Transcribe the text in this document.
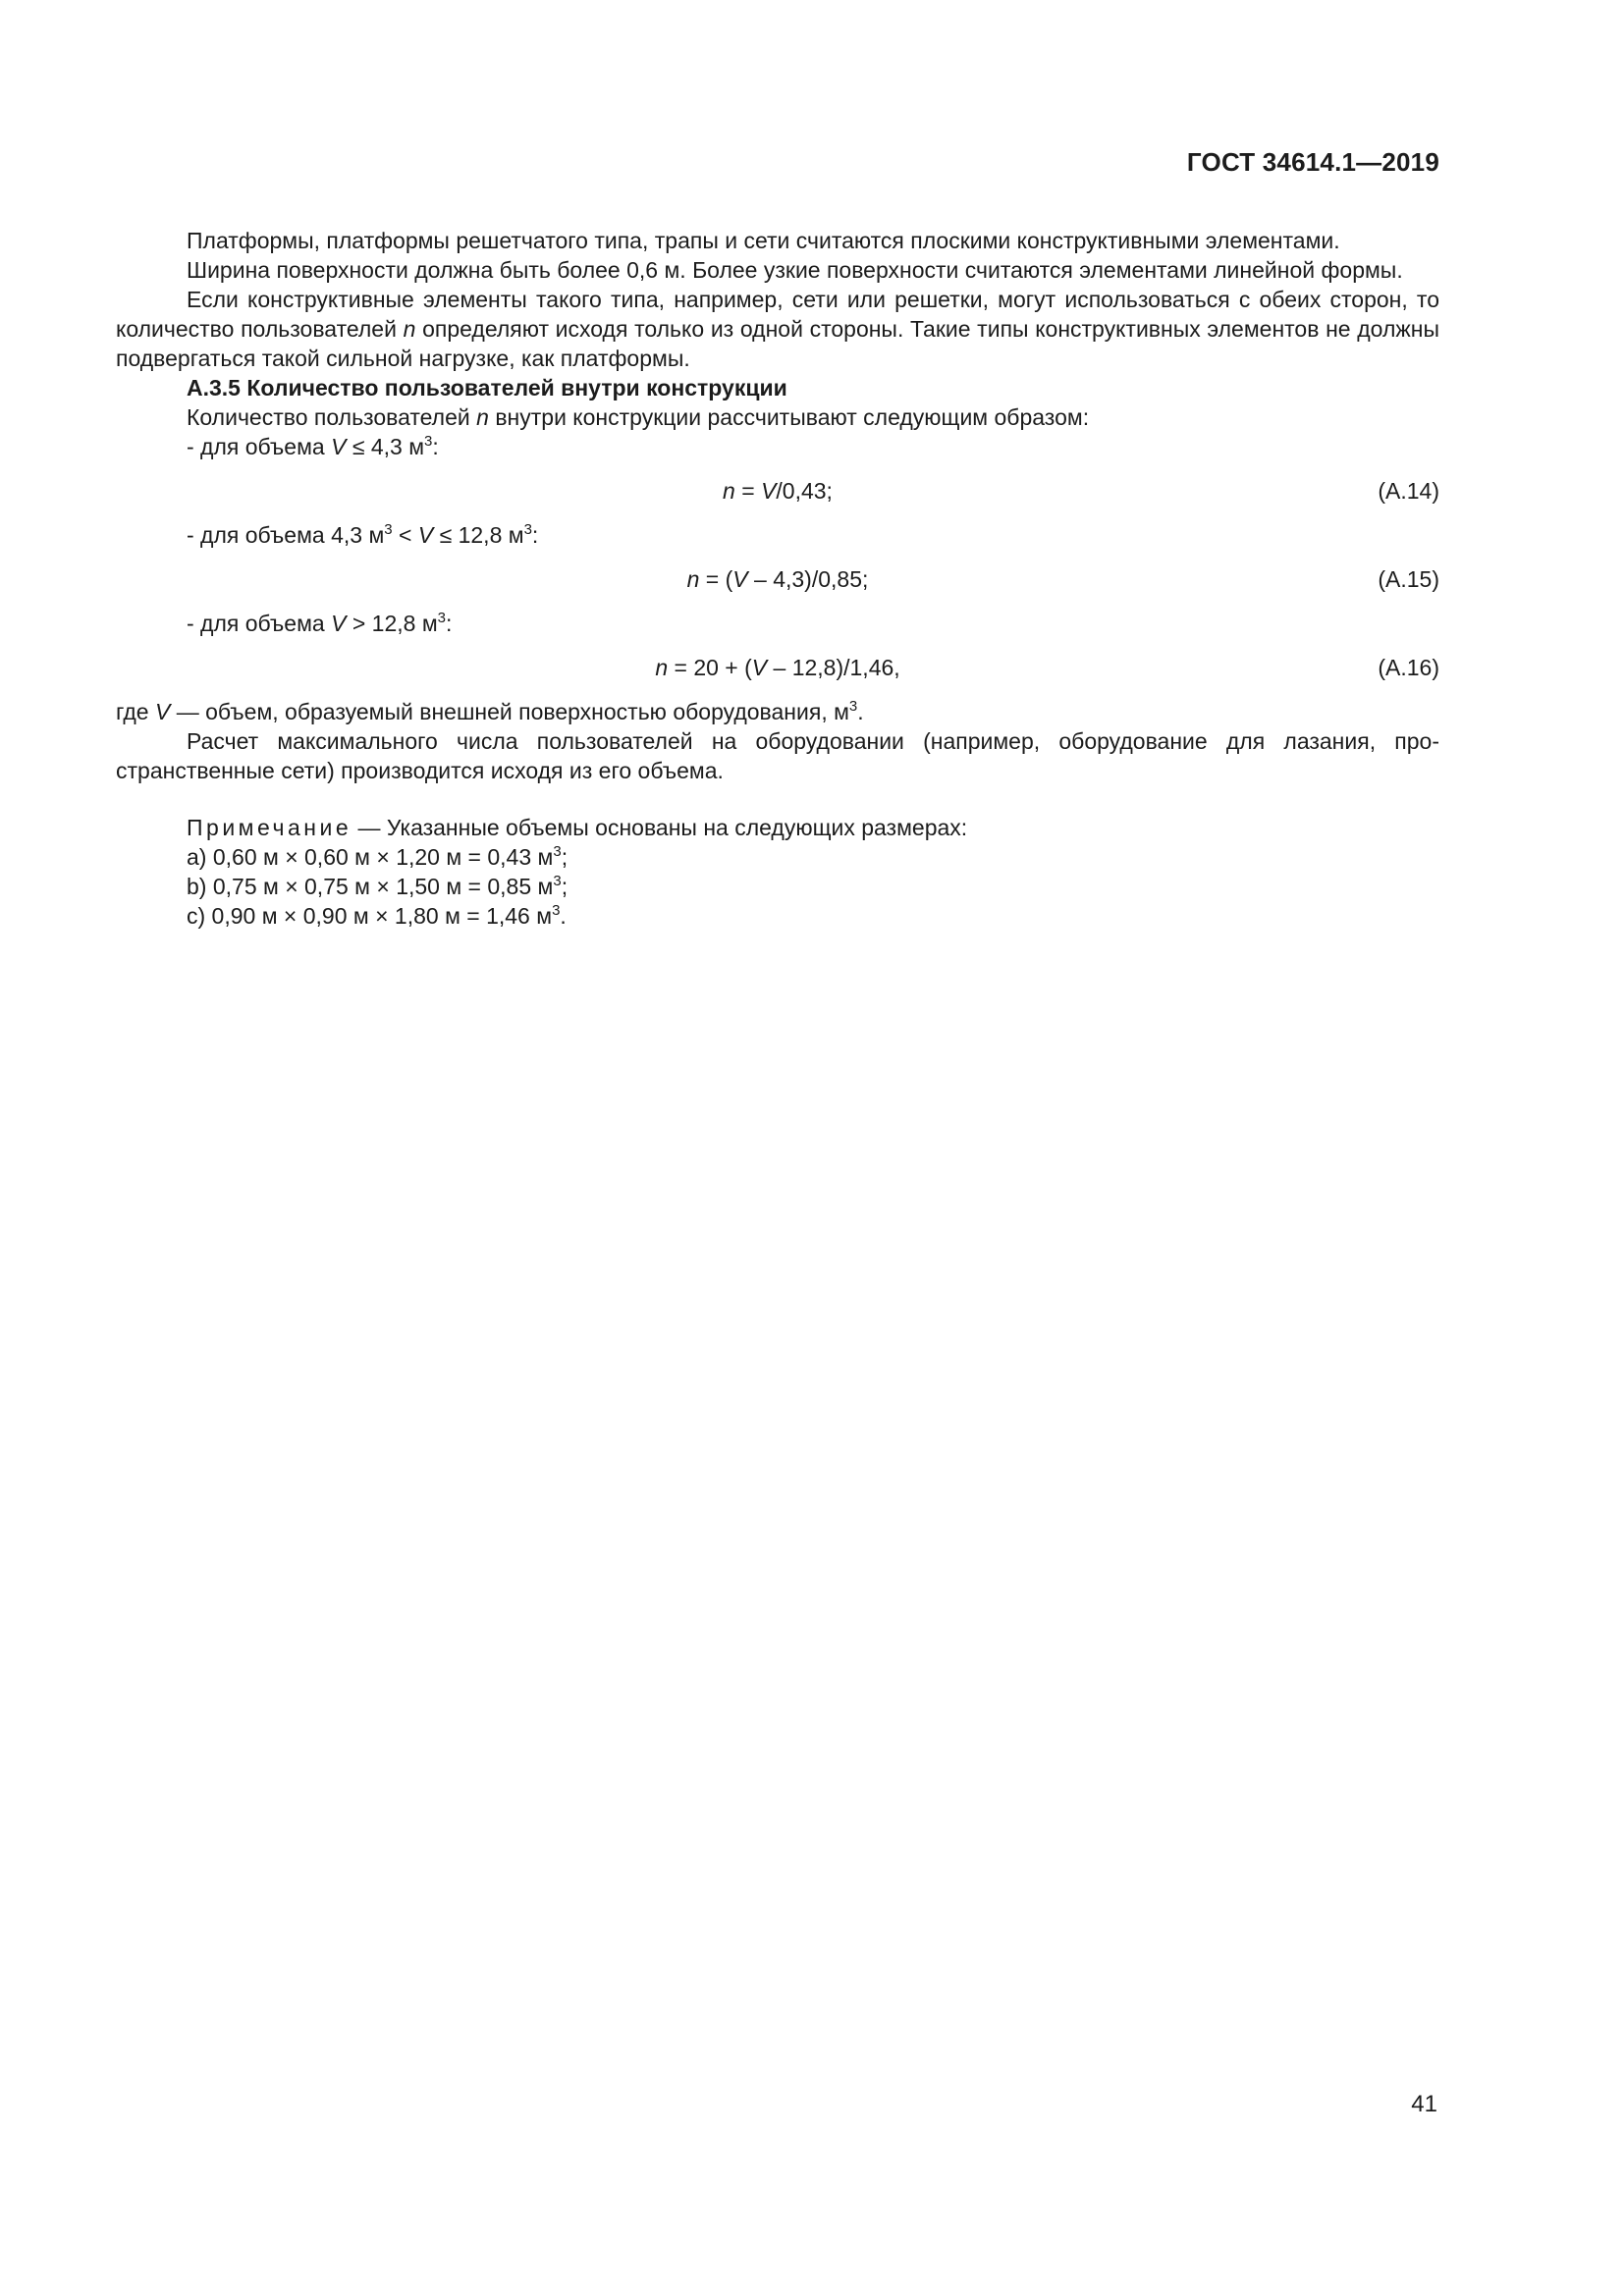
ГОСТ 34614.1—2019

Платформы, платформы решетчатого типа, трапы и сети считаются плоскими конструктивными элементами.

Ширина поверхности должна быть более 0,6 м. Более узкие поверхности считаются элементами линейной формы.

Если конструктивные элементы такого типа, например, сети или решетки, могут использоваться с обеих сторон, то количество пользователей n определяют исходя только из одной стороны. Такие типы конструктивных элементов не должны подвергаться такой сильной нагрузке, как платформы.

А.3.5 Количество пользователей внутри конструкции

Количество пользователей n внутри конструкции рассчитывают следующим образом:

- для объема V ≤ 4,3 $м^3$:

n = V/0,43;	(А.14)

- для объема 4,3 $м^3 < V \le 12,8$ $м^3$:

n = (V – 4,3)/0,85;	(А.15)

- для объема V > 12,8 $м^3$:

n = 20 + (V – 12,8)/1,46,	(А.16)

где V — объем, образуемый внешней поверхностью оборудования, $м^3$.

Расчет максимального числа пользователей на оборудовании (например, оборудование для лазания, про-

странственные сети) производится исходя из его объема.

Примечание — Указанные объемы основаны на следующих размерах:

a) 0,60 м × 0,60 м × 1,20 м = 0,43 $м^3$;

b) 0,75 м × 0,75 м × 1,50 м = 0,85 $м^3$;

c) 0,90 м × 0,90 м × 1,80 м = 1,46 $м^3$.

41
